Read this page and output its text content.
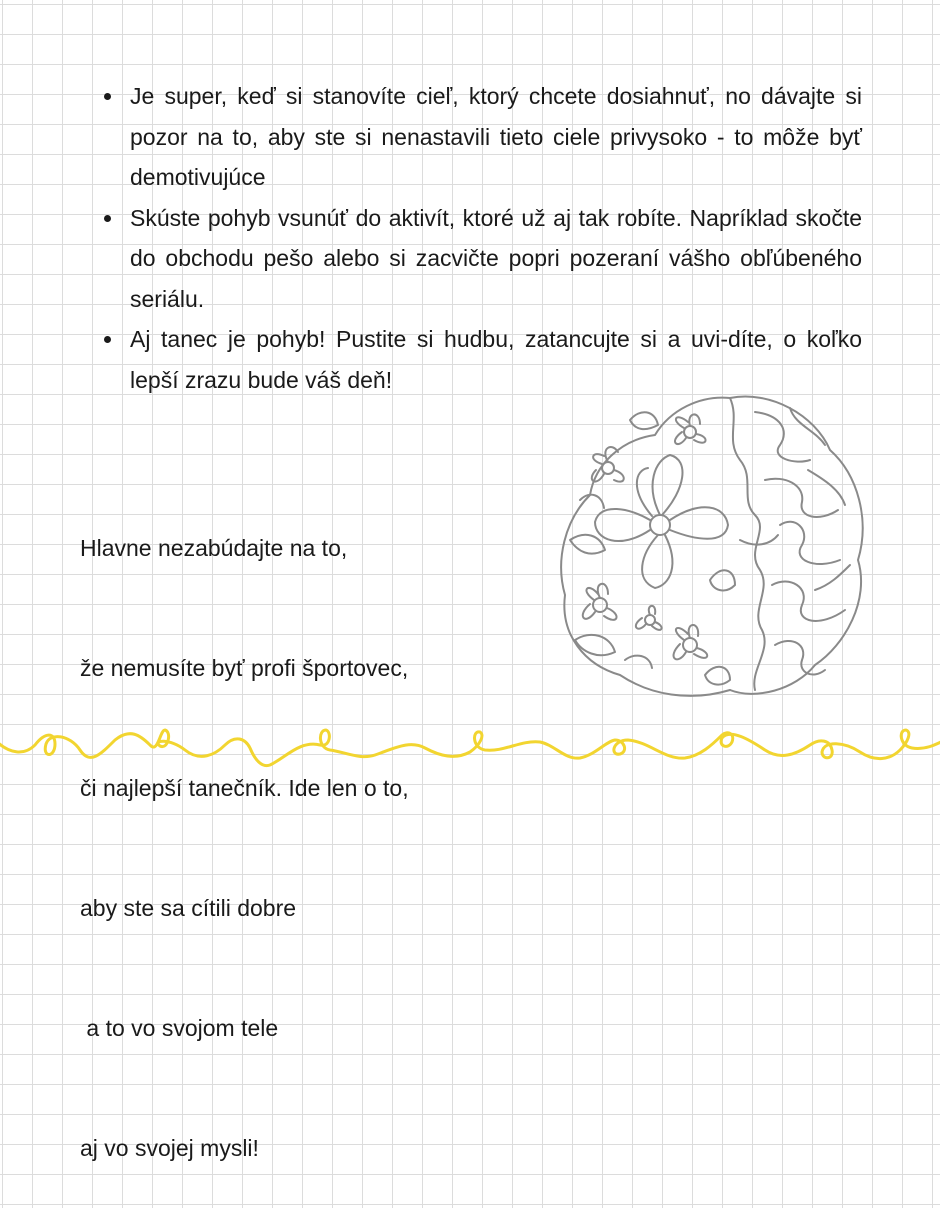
Je super, keď si stanovíte cieľ, ktorý chcete dosiahnuť, no dávajte si pozor na to, aby ste si nenastavili tieto ciele privysoko - to môže byť demotivujúce
Skúste pohyb vsunúť do aktivít, ktoré už aj tak robíte. Napríklad skočte do obchodu pešo alebo si zacvičte popri pozeraní vášho obľúbeného seriálu.
Aj tanec je pohyb! Pustite si hudbu, zatancujte si a uvi-díte, o koľko lepší zrazu bude váš deň!

Hlavne nezabúdajte na to,

že nemusíte byť profi športovec,

či najlepší tanečník. Ide len o to,

aby ste sa cítili dobre

a to vo svojom tele

aj vo svojej mysli!
